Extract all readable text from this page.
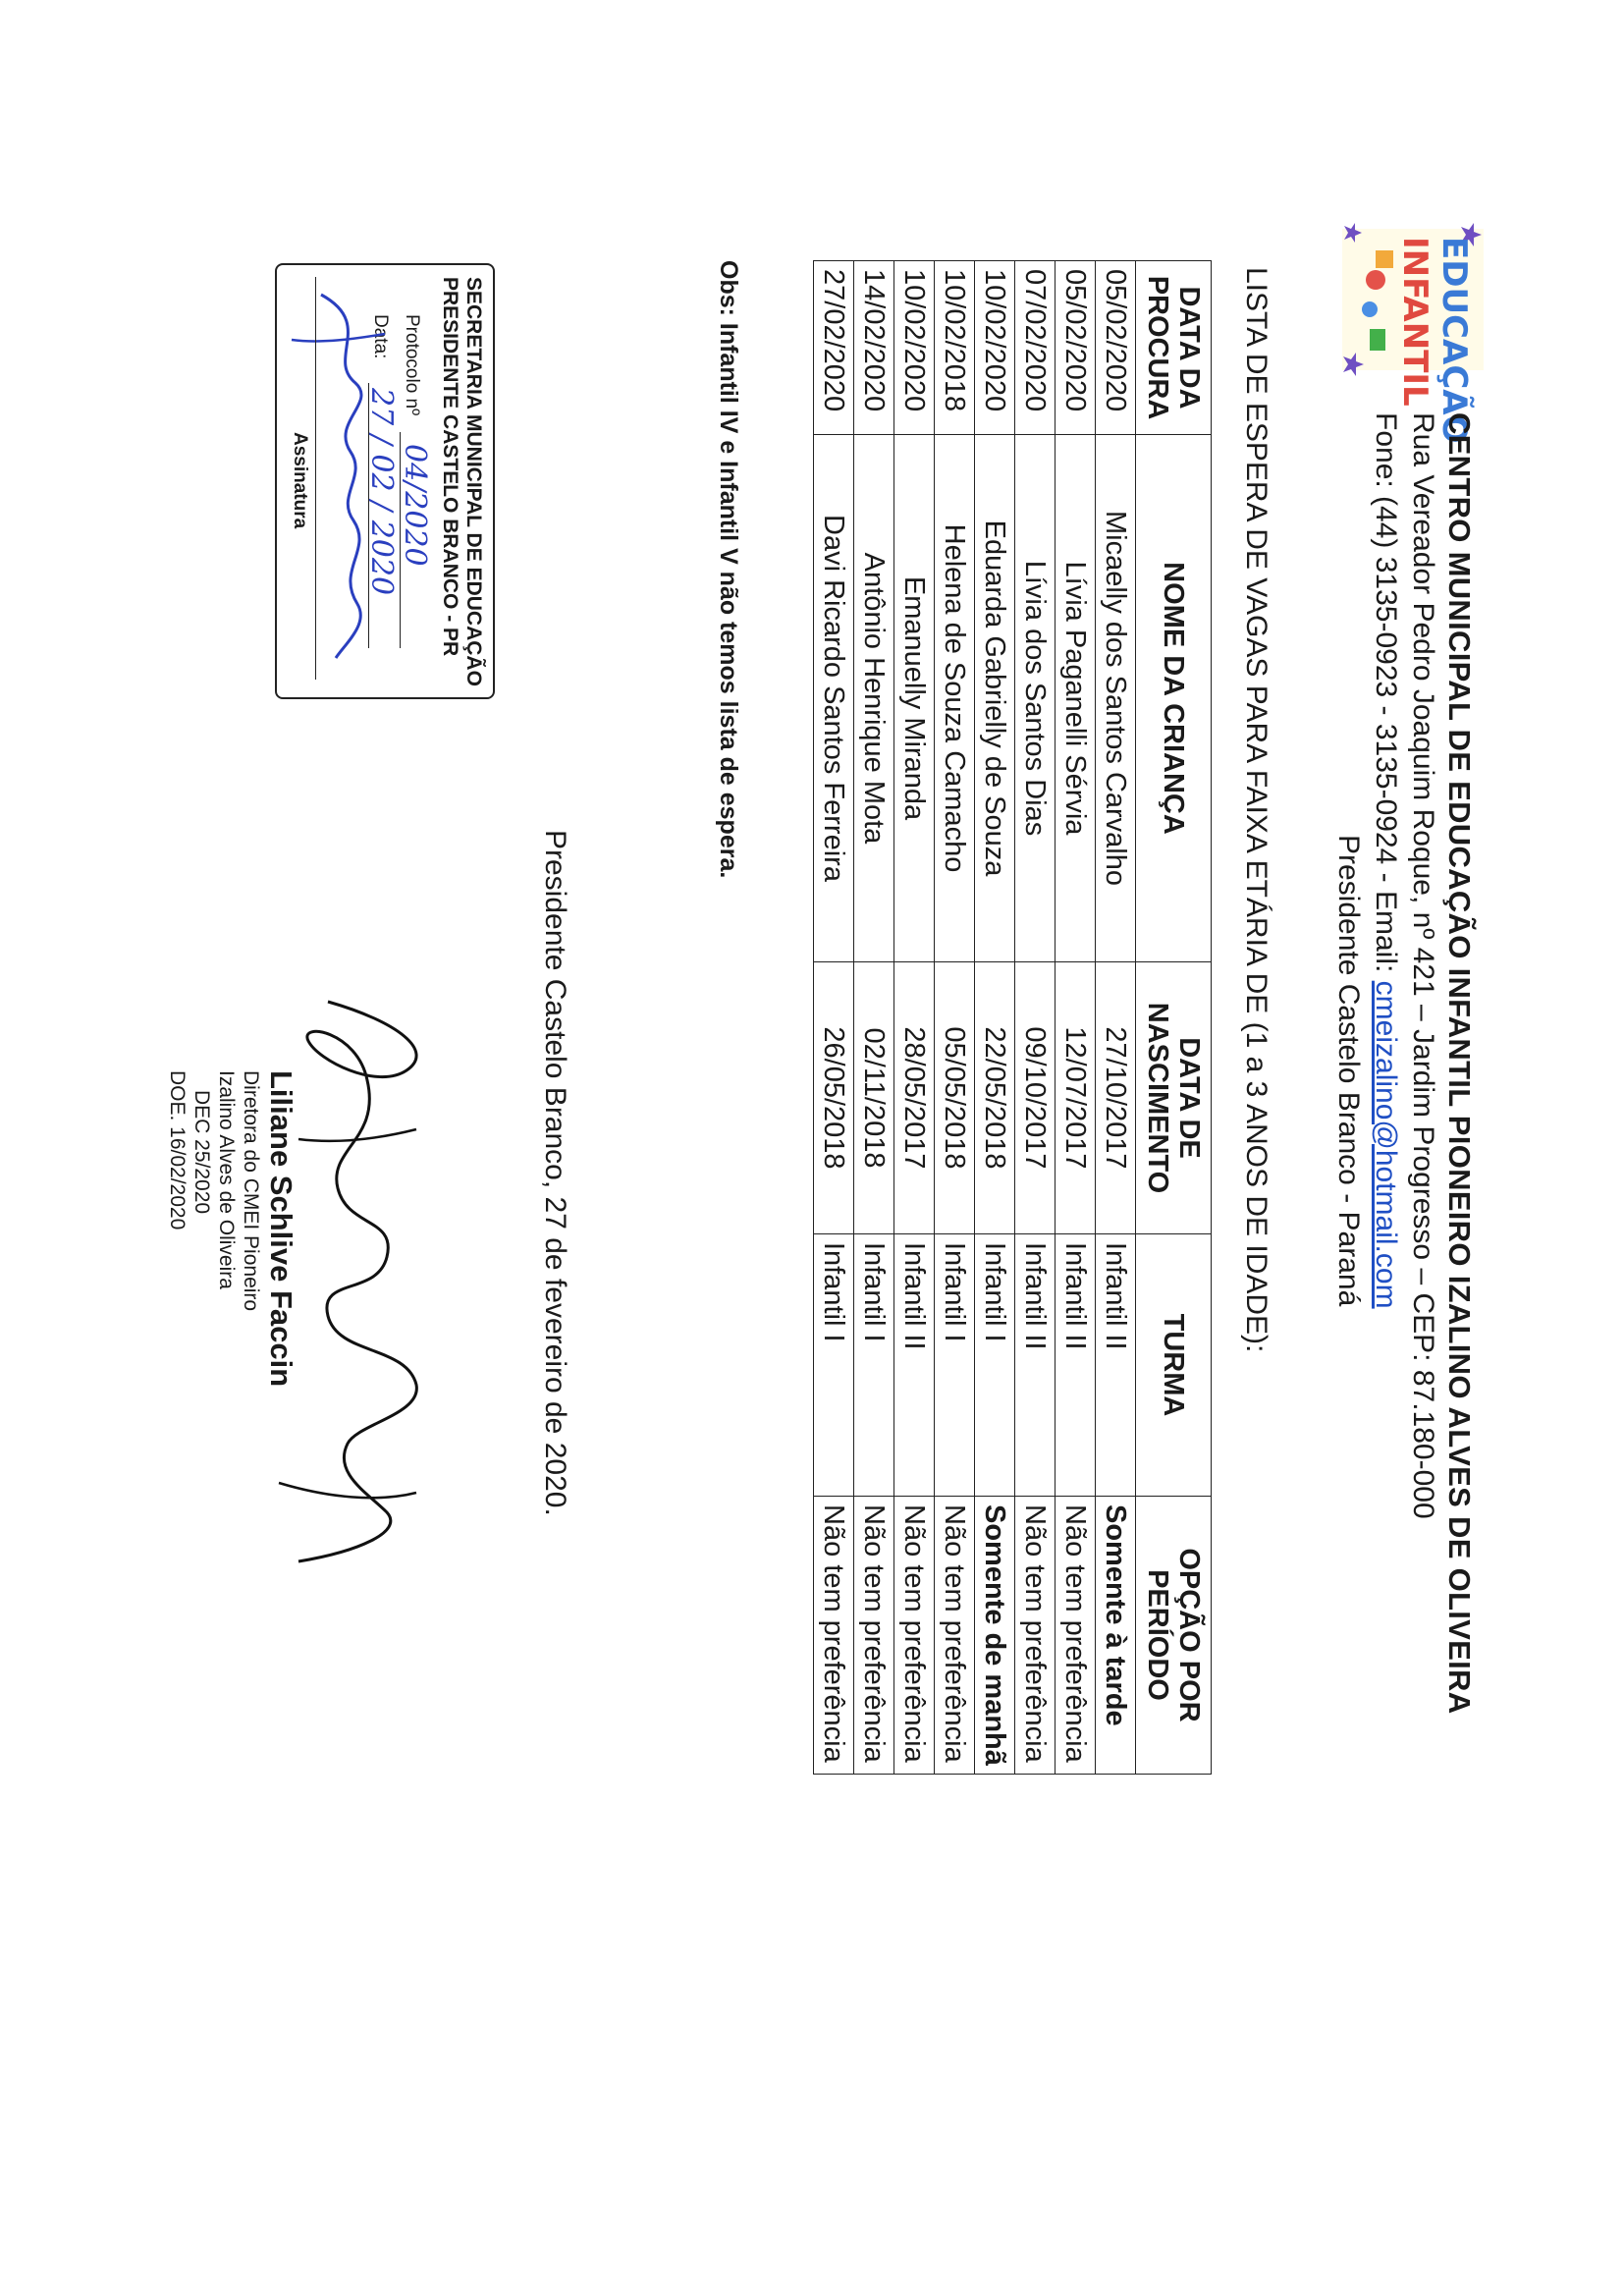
EDUCAÇÃO
INFANTIL
CENTRO MUNICIPAL DE EDUCAÇÃO INFANTIL PIONEIRO IZALINO ALVES DE OLIVEIRA
Rua Vereador Pedro Joaquim Roque, nº 421 – Jardim Progresso – CEP: 87.180-000
Fone: (44) 3135-0923 - 3135-0924 - Email: cmeizalino@hotmail.com
Presidente Castelo Branco - Paraná
LISTA DE ESPERA DE VAGAS PARA FAIXA ETÁRIA DE (1 a 3 ANOS DE IDADE):
DATA DA
PROCURA	NOME DA CRIANÇA	DATA DE
NASCIMENTO	TURMA	OPÇÃO POR
PERÍODO
05/02/2020	Micaelly dos Santos Carvalho	27/10/2017	Infantil II	Somente à tarde
05/02/2020	Lívia Paganelli Sérvia	12/07/2017	Infantil II	Não tem preferência
07/02/2020	Lívia dos Santos Dias	09/10/2017	Infantil II	Não tem preferência
10/02/2020	Eduarda Gabrielly de Souza	22/05/2018	Infantil I	Somente de manhã
10/02/2018	Helena de Souza Camacho	05/05/2018	Infantil I	Não tem preferência
10/02/2020	Emanuelly Miranda	28/05/2017	Infantil II	Não tem preferência
14/02/2020	Antônio Henrique Mota	02/11/2018	Infantil I	Não tem preferência
27/02/2020	Davi Ricardo Santos Ferreira	26/05/2018	Infantil I	Não tem preferência
Obs: Infantil IV e Infantil V não temos lista de espera.
Presidente Castelo Branco, 27 de fevereiro de 2020.
SECRETARIA MUNICIPAL DE EDUCAÇÃO
PRESIDENTE CASTELO BRANCO - PR
Protocolo nº
04/2020
Data:
27 / 02 / 2020
Assinatura
Liliane Schlive Faccin
Diretora do CMEI Pioneiro
Izalino Alves de Oliveira
DEC 25/2020
DOE. 16/02/2020
